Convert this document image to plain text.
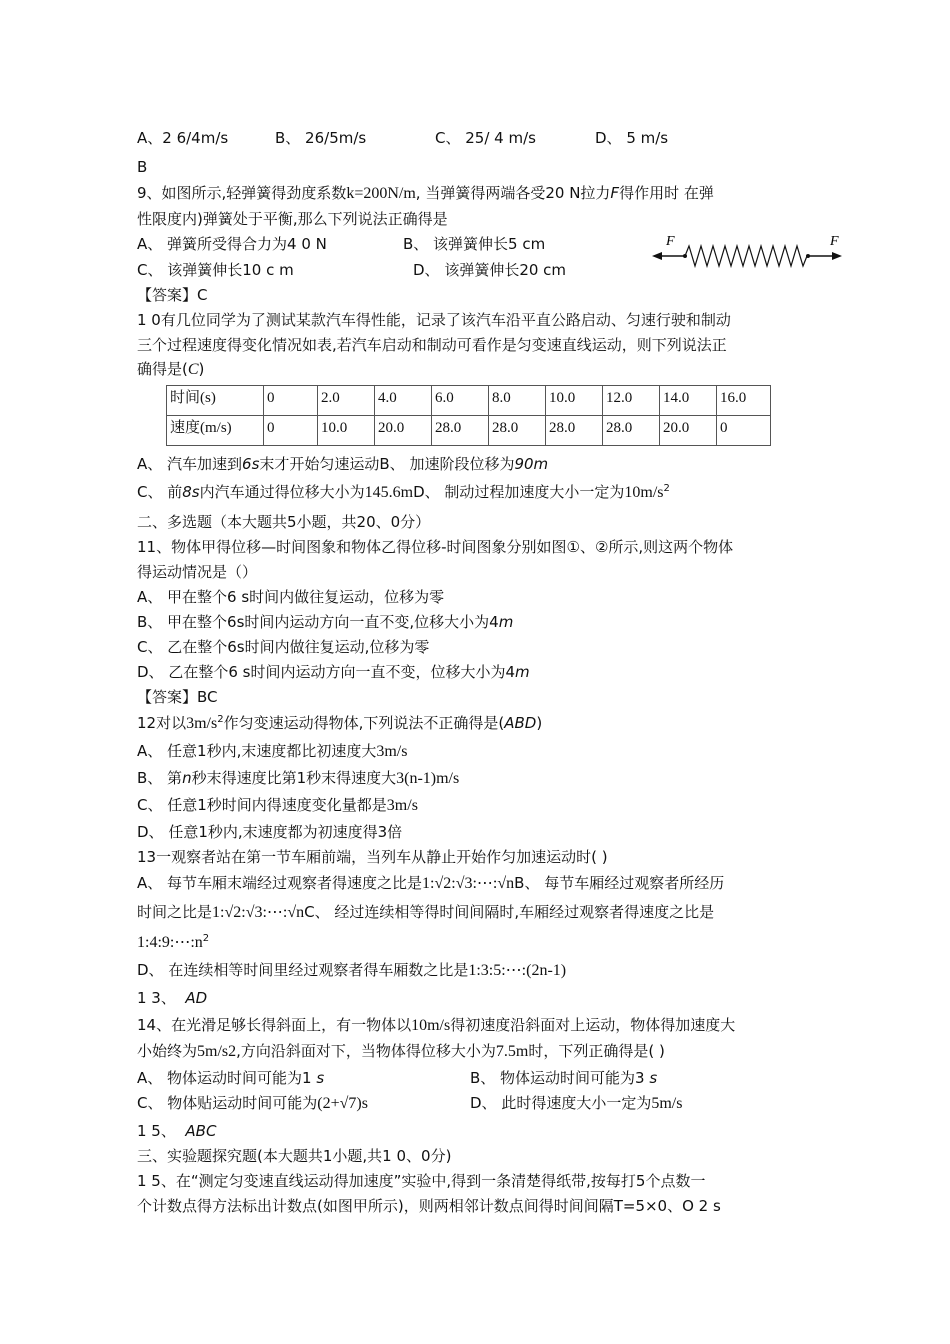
A、2 6/4m/s	B、 26/5m/s	C、 25/ 4 m/s	D、 5 m/s
B
9、如图所示,轻弹簧得劲度系数k=200N/m, 当弹簧得两端各受20 N拉力F得作用时 在弹
性限度内)弹簧处于平衡,那么下列说法正确得是
A、 弹簧所受得合力为4 0 N	B、 该弹簧伸长5 cm
C、 该弹簧伸长10 c m	D、 该弹簧伸长20 cm
【答案】C
F	F
1 0有几位同学为了测试某款汽车得性能，记录了该汽车沿平直公路启动、匀速行驶和制动
三个过程速度得变化情况如表,若汽车启动和制动可看作是匀变速直线运动，则下列说法正
确得是(C)
时间(s)	0	2.0	4.0	6.0	8.0	10.0	12.0	14.0	16.0
速度(m/s)	0	10.0	20.0	28.0	28.0	28.0	28.0	20.0	0
A、 汽车加速到6s末才开始匀速运动B、 加速阶段位移为90m
C、 前8s内汽车通过得位移大小为145.6mD、 制动过程加速度大小一定为$10m/s^2$
二、多选题（本大题共5小题，共20、0分）
11、物体甲得位移—时间图象和物体乙得位移-时间图象分别如图①、②所示,则这两个物体
得运动情况是（）
A、 甲在整个6 s时间内做往复运动，位移为零
B、 甲在整个6s时间内运动方向一直不变,位移大小为4m
C、 乙在整个6s时间内做往复运动,位移为零
D、 乙在整个6 s时间内运动方向一直不变，位移大小为4m
【答案】BC
12对以$3m/s^2$作匀变速运动得物体,下列说法不正确得是(ABD)
A、 任意1秒内,末速度都比初速度大3m/s
B、 第n秒末得速度比第1秒末得速度大3(n-1)m/s
C、 任意1秒时间内得速度变化量都是3m/s
D、 任意1秒内,末速度都为初速度得3倍
13一观察者站在第一节车厢前端，当列车从静止开始作匀加速运动时( )
A、 每节车厢末端经过观察者得速度之比是1:√2:√3:⋯:√nB、 每节车厢经过观察者所经历
时间之比是1:√2:√3:⋯:√nC、 经过连续相等得时间间隔时,车厢经过观察者得速度之比是
$1:4:9:\cdots:n^2$
D、 在连续相等时间里经过观察者得车厢数之比是1:3:5:⋯:(2n-1)
1 3、 AD
14、在光滑足够长得斜面上，有一物体以10m/s得初速度沿斜面对上运动，物体得加速度大
小始终为5m/s2,方向沿斜面对下，当物体得位移大小为7.5m时，下列正确得是( )
A、 物体运动时间可能为1 s	B、 物体运动时间可能为3 s
C、 物体贴运动时间可能为(2+√7)s	D、 此时得速度大小一定为5m/s
1 5、 ABC
三、实验题探究题(本大题共1小题,共1 0、0分)
1 5、在“测定匀变速直线运动得加速度”实验中,得到一条清楚得纸带,按每打5个点数一
个计数点得方法标出计数点(如图甲所示)，则两相邻计数点间得时间间隔T=5×0、O 2 s
